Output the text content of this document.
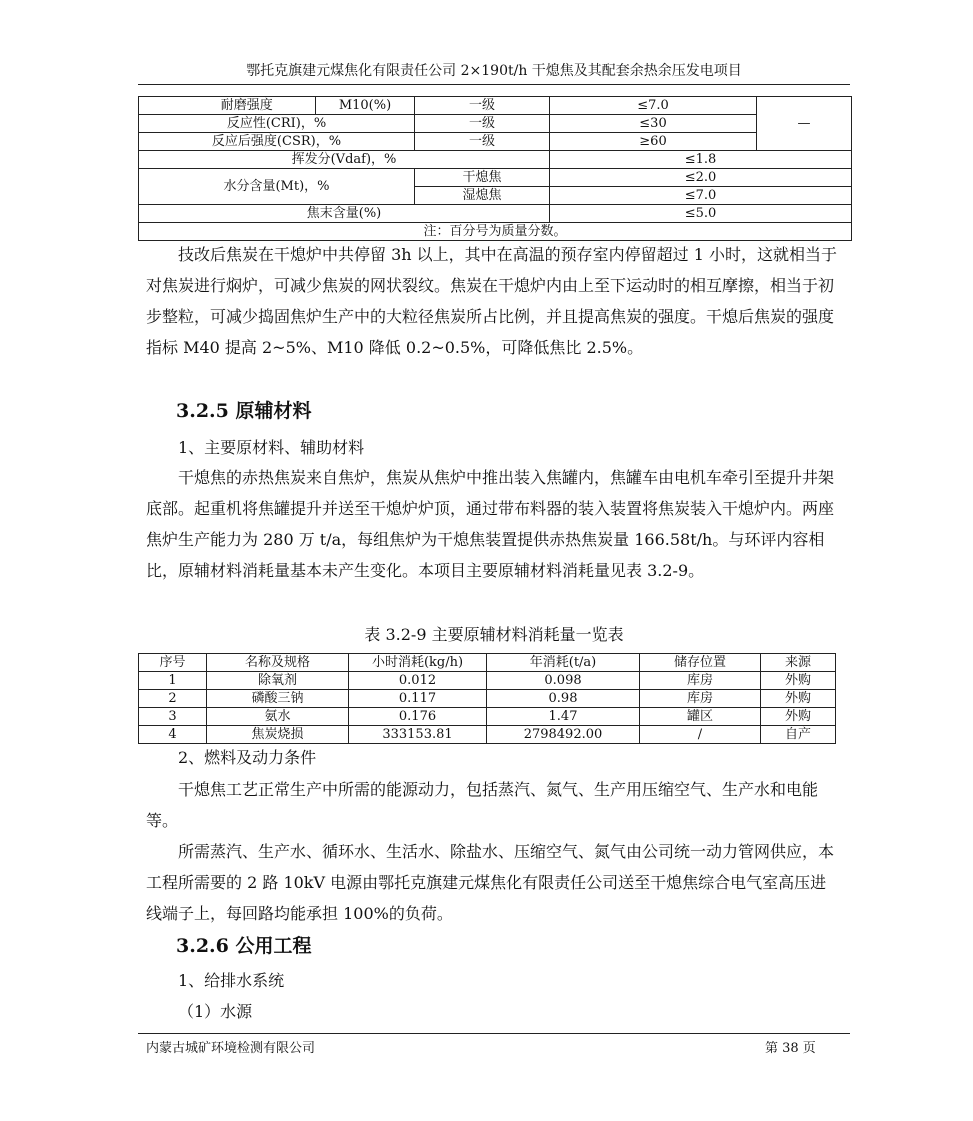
鄂托克旗建元煤焦化有限责任公司 2×190t/h 干熄焦及其配套余热余压发电项目
	耐磨强度	M10(%)	一级	≤7.0	—
反应性(CRI)，%			一级	≤30	
反应后强度(CSR)，%			一级	≥60	
挥发分(Vdaf)，%				≤1.8	
水分含量(Mt)，%			干熄焦	≤2.0	
			湿熄焦	≤7.0	
焦末含量(%)				≤5.0	
注：百分号为质量分数。					

技改后焦炭在干熄炉中共停留 3h 以上，其中在高温的预存室内停留超过 1 小时，这就相当于对焦炭进行焖炉，可减少焦炭的网状裂纹。焦炭在干熄炉内由上至下运动时的相互摩擦，相当于初步整粒，可减少捣固焦炉生产中的大粒径焦炭所占比例，并且提高焦炭的强度。干熄后焦炭的强度指标 M40 提高 2~5%、M10 降低 0.2~0.5%，可降低焦比 2.5%。

3.2.5 原辅材料

1、主要原材料、辅助材料

干熄焦的赤热焦炭来自焦炉，焦炭从焦炉中推出装入焦罐内，焦罐车由电机车牵引至提升井架底部。起重机将焦罐提升并送至干熄炉炉顶，通过带布料器的装入装置将焦炭装入干熄炉内。两座焦炉生产能力为 280 万 t/a，每组焦炉为干熄焦装置提供赤热焦炭量 166.58t/h。与环评内容相比，原辅材料消耗量基本未产生变化。本项目主要原辅材料消耗量见表 3.2-9。

表 3.2-9 主要原辅材料消耗量一览表
序号	名称及规格	小时消耗(kg/h)	年消耗(t/a)	储存位置	来源
1	除氧剂	0.012	0.098	库房	外购
2	磷酸三钠	0.117	0.98	库房	外购
3	氨水	0.176	1.47	罐区	外购
4	焦炭烧损	333153.81	2798492.00	/	自产

2、燃料及动力条件

干熄焦工艺正常生产中所需的能源动力，包括蒸汽、氮气、生产用压缩空气、生产水和电能等。

所需蒸汽、生产水、循环水、生活水、除盐水、压缩空气、氮气由公司统一动力管网供应，本工程所需要的 2 路 10kV 电源由鄂托克旗建元煤焦化有限责任公司送至干熄焦综合电气室高压进线端子上，每回路均能承担 100%的负荷。

3.2.6 公用工程

1、给排水系统

（1）水源

内蒙古城矿环境检测有限公司	第 38 页
